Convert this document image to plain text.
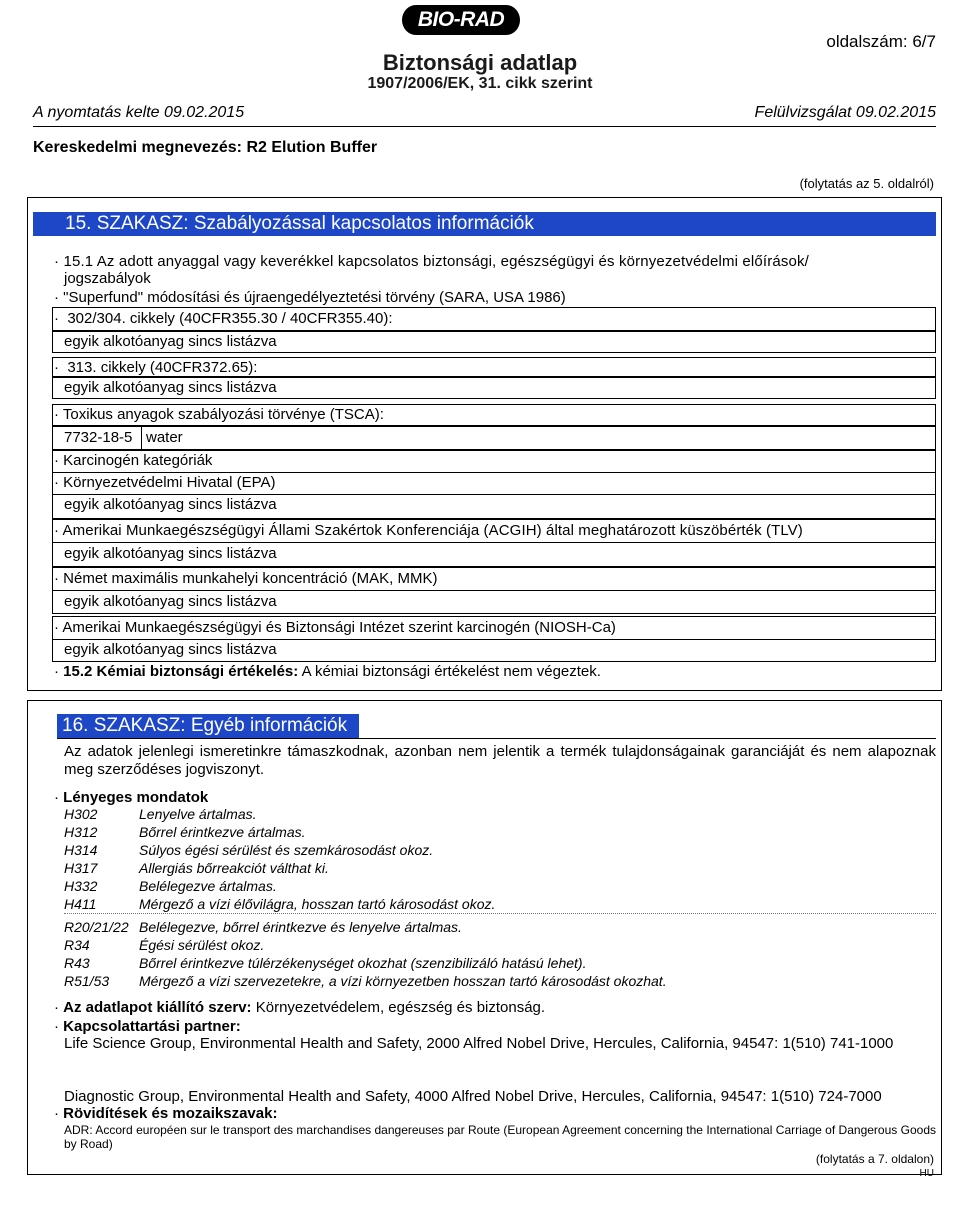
BIO-RAD
oldalszám: 6/7
Biztonsági adatlap
1907/2006/EK, 31. cikk szerint
A nyomtatás kelte 09.02.2015	Felülvizsgálat 09.02.2015
Kereskedelmi megnevezés: R2 Elution Buffer
(folytatás az 5. oldalról)
15. SZAKASZ: Szabályozással kapcsolatos információk
· 15.1 Az adott anyaggal vagy keverékkel kapcsolatos biztonsági, egészségügyi és környezetvédelmi előírások/
jogszabályok
· "Superfund" módosítási és újraengedélyeztetési törvény (SARA, USA 1986)
·  302/304. cikkely (40CFR355.30 / 40CFR355.40):
egyik alkotóanyag sincs listázva
·  313. cikkely (40CFR372.65):
egyik alkotóanyag sincs listázva
· Toxikus anyagok szabályozási törvénye (TSCA):
7732-18-5 water
· Karcinogén kategóriák
· Környezetvédelmi Hivatal (EPA)
egyik alkotóanyag sincs listázva
· Amerikai Munkaegészségügyi Állami Szakértok Konferenciája (ACGIH) által meghatározott küszöbérték (TLV)
egyik alkotóanyag sincs listázva
· Német maximális munkahelyi koncentráció (MAK, MMK)
egyik alkotóanyag sincs listázva
· Amerikai Munkaegészségügyi és Biztonsági Intézet szerint karcinogén (NIOSH-Ca)
egyik alkotóanyag sincs listázva
· 15.2 Kémiai biztonsági értékelés: A kémiai biztonsági értékelést nem végeztek.
16. SZAKASZ: Egyéb információk
Az adatok jelenlegi ismeretinkre támaszkodnak, azonban nem jelentik a termék tulajdonságainak garanciáját és nem alapoznak meg szerződéses jogviszonyt.
· Lényeges mondatok
H302	Lenyelve ártalmas.
H312	Bőrrel érintkezve ártalmas.
H314	Súlyos égési sérülést és szemkárosodást okoz.
H317	Allergiás bőrreakciót válthat ki.
H332	Belélegezve ártalmas.
H411	Mérgező a vízi élővilágra, hosszan tartó károsodást okoz.
R20/21/22 Belélegezve, bőrrel érintkezve és lenyelve ártalmas.
R34	Égési sérülést okoz.
R43	Bőrrel érintkezve túlérzékenységet okozhat (szenzibilizáló hatású lehet).
R51/53 Mérgező a vízi szervezetekre, a vízi környezetben hosszan tartó károsodást okozhat.
· Az adatlapot kiállító szerv: Környezetvédelem, egészség és biztonság.
· Kapcsolattartási partner:
Life Science Group, Environmental Health and Safety, 2000 Alfred Nobel Drive, Hercules, California, 94547: 1(510) 741-1000
Diagnostic Group, Environmental Health and Safety, 4000 Alfred Nobel Drive, Hercules, California, 94547: 1(510) 724-7000
· Rövidítések és mozaikszavak:
ADR: Accord européen sur le transport des marchandises dangereuses par Route (European Agreement concerning the International Carriage of Dangerous Goods by Road)
(folytatás a 7. oldalon)
HU
